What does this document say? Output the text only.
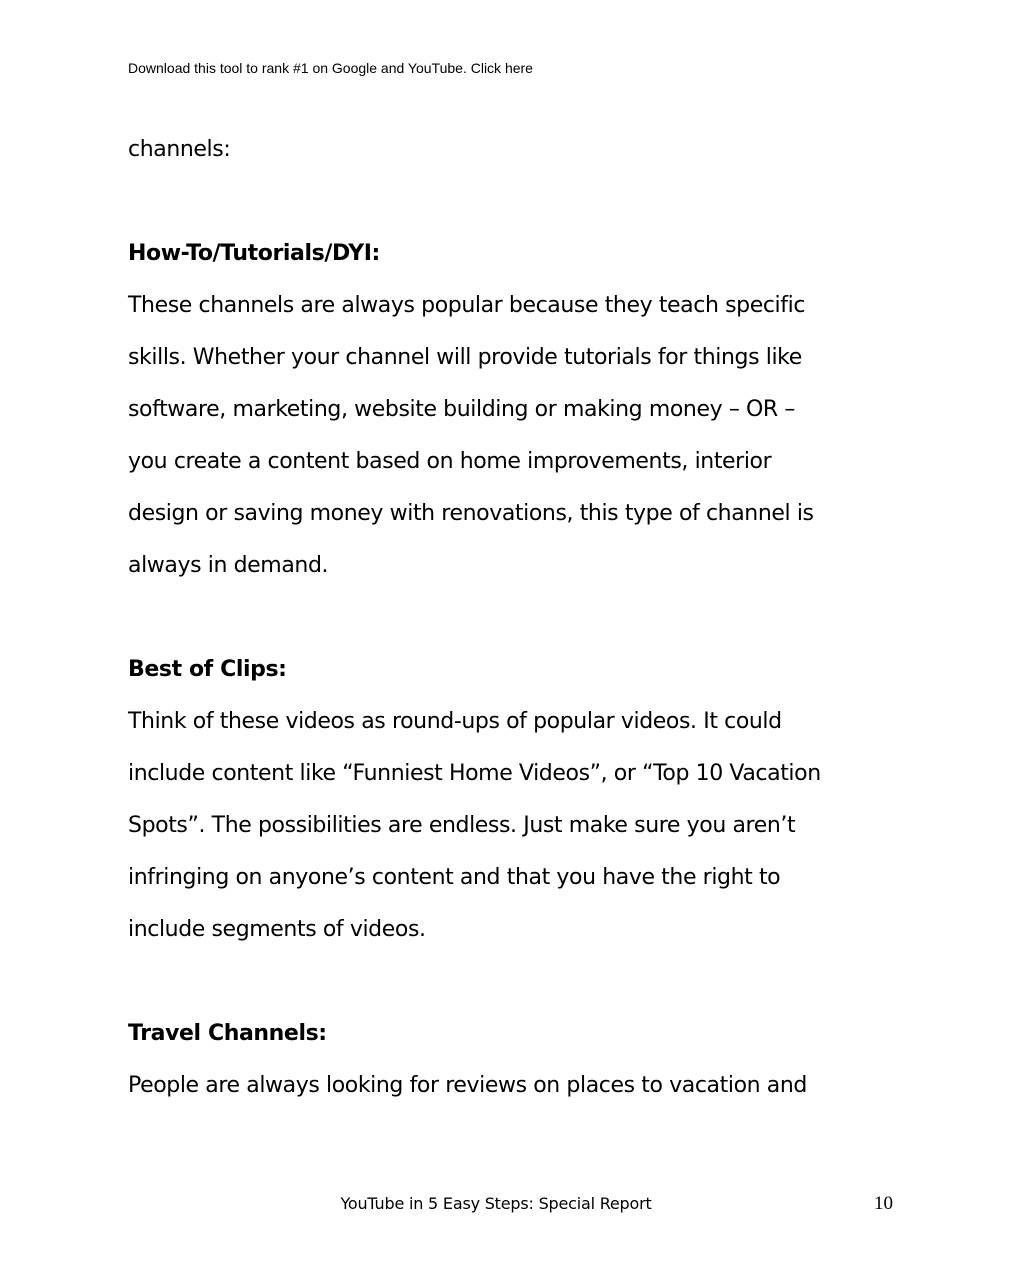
Download this tool to rank #1 on Google and YouTube. Click here

channels:

How-To/Tutorials/DYI:

These channels are always popular because they teach specific

skills. Whether your channel will provide tutorials for things like

software, marketing, website building or making money – OR –

you create a content based on home improvements, interior

design or saving money with renovations, this type of channel is

always in demand.

Best of Clips:

Think of these videos as round-ups of popular videos. It could

include content like “Funniest Home Videos”, or “Top 10 Vacation

Spots”. The possibilities are endless. Just make sure you aren’t

infringing on anyone’s content and that you have the right to

include segments of videos.

Travel Channels:

People are always looking for reviews on places to vacation and

YouTube in 5 Easy Steps: Special Report	10
